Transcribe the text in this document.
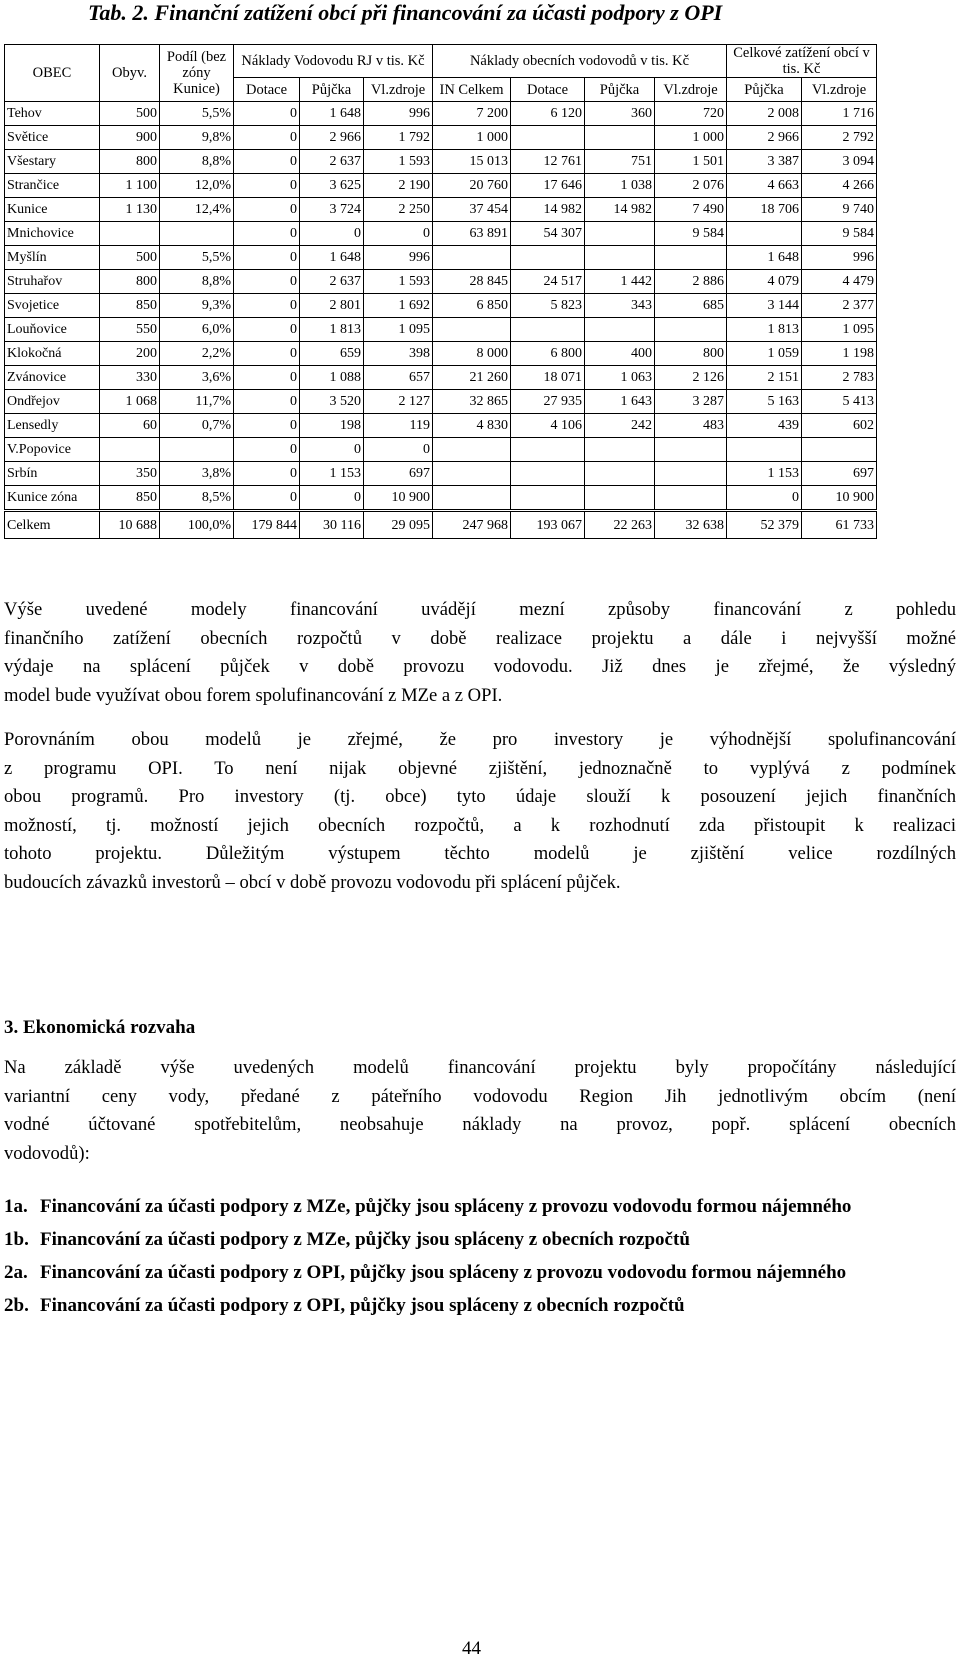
Tab. 2. Finanční zatížení obcí při financování za účasti podpory z OPI
OBEC	Obyv.	Podíl (bez zóny Kunice)	Náklady Vodovodu RJ v tis. Kč			Náklady obecních vodovodů v tis. Kč				Celkové zatížení obcí v tis. Kč	
			Dotace	Půjčka	Vl.zdroje	IN Celkem	Dotace	Půjčka	Vl.zdroje	Půjčka	Vl.zdroje
Tehov	500	5,5%	0	1 648	996	7 200	6 120	360	720	2 008	1 716
Světice	900	9,8%	0	2 966	1 792	1 000			1 000	2 966	2 792
Všestary	800	8,8%	0	2 637	1 593	15 013	12 761	751	1 501	3 387	3 094
Strančice	1 100	12,0%	0	3 625	2 190	20 760	17 646	1 038	2 076	4 663	4 266
Kunice	1 130	12,4%	0	3 724	2 250	37 454	14 982	14 982	7 490	18 706	9 740
Mnichovice			0	0	0	63 891	54 307		9 584		9 584
Myšlín	500	5,5%	0	1 648	996					1 648	996
Struhařov	800	8,8%	0	2 637	1 593	28 845	24 517	1 442	2 886	4 079	4 479
Svojetice	850	9,3%	0	2 801	1 692	6 850	5 823	343	685	3 144	2 377
Louňovice	550	6,0%	0	1 813	1 095					1 813	1 095
Klokočná	200	2,2%	0	659	398	8 000	6 800	400	800	1 059	1 198
Zvánovice	330	3,6%	0	1 088	657	21 260	18 071	1 063	2 126	2 151	2 783
Ondřejov	1 068	11,7%	0	3 520	2 127	32 865	27 935	1 643	3 287	5 163	5 413
Lensedly	60	0,7%	0	198	119	4 830	4 106	242	483	439	602
V.Popovice			0	0	0						
Srbín	350	3,8%	0	1 153	697					1 153	697
Kunice zóna	850	8,5%	0	0	10 900					0	10 900
Celkem	10 688	100,0%	179 844	30 116	29 095	247 968	193 067	22 263	32 638	52 379	61 733
Výše uvedené modely financování uvádějí mezní způsoby financování z pohledu
finančního zatížení obecních rozpočtů v době realizace projektu a dále i nejvyšší možné
výdaje na splácení půjček v době provozu vodovodu. Již dnes je zřejmé, že výsledný
model bude využívat obou forem spolufinancování z MZe a z OPI.
Porovnáním obou modelů je zřejmé, že pro investory je výhodnější spolufinancování
z programu OPI. To není nijak objevné zjištění, jednoznačně to vyplývá z podmínek
obou programů. Pro investory (tj. obce) tyto údaje slouží k posouzení jejich finančních
možností, tj. možností jejich obecních rozpočtů, a k rozhodnutí zda přistoupit k realizaci
tohoto projektu. Důležitým výstupem těchto modelů je zjištění velice rozdílných
budoucích závazků investorů – obcí v době provozu vodovodu při splácení půjček.
Na základě výše uvedených modelů financování projektu byly propočítány následující
variantní ceny vody, předané z páteřního vodovodu Region Jih jednotlivým obcím (není
vodné účtované spotřebitelům, neobsahuje náklady na provoz, popř. splácení obecních
vodovodů):
3. Ekonomická rozvaha
1a. Financování za účasti podpory z MZe, půjčky jsou spláceny z provozu vodovodu formou nájemného
1b. Financování za účasti podpory z MZe, půjčky jsou spláceny z obecních rozpočtů
2a. Financování za účasti podpory z OPI, půjčky jsou spláceny z provozu vodovodu formou nájemného
2b. Financování za účasti podpory z OPI, půjčky jsou spláceny z obecních rozpočtů
44
